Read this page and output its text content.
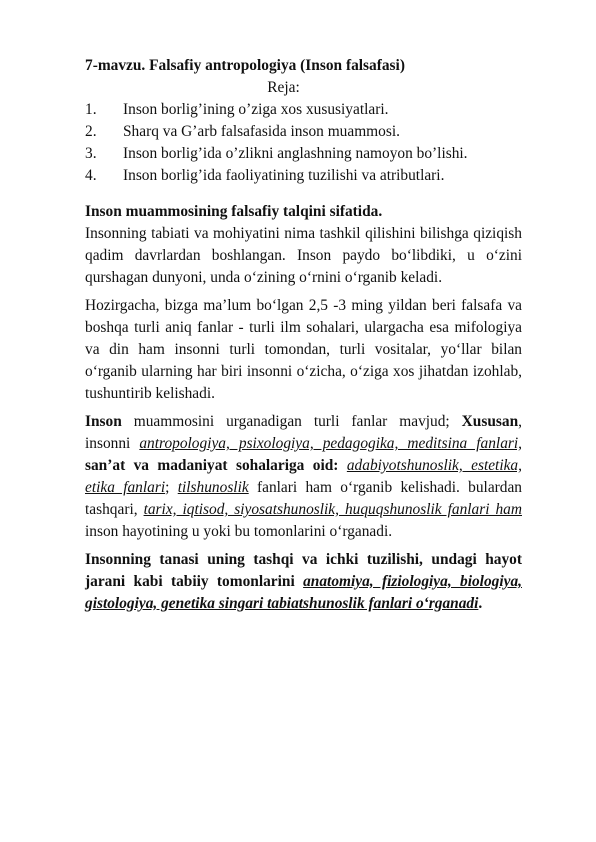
7-mavzu. Falsafiy antropologiya (Inson falsafasi)
Reja:
1.	Inson borlig’ining o’ziga xos xususiyatlari.
2.	Sharq va G’arb falsafasida inson muammosi.
3.	Inson borlig’ida o’zlikni anglashning namoyon bo’lishi.
4.	Inson borlig’ida faoliyatining tuzilishi va atributlari.
Inson muammosining falsafiy talqini sifatida.

Insonning tabiati va mohiyatini nima tashkil qilishini bilishga qiziqish qadim davrlardan boshlangan. Inson paydo bo‘libdiki, u o‘zini qurshagan dunyoni, unda o‘zining o‘rnini o‘rganib keladi.

Hozirgacha, bizga ma’lum bo‘lgan 2,5 -3 ming yildan beri falsafa va boshqa turli aniq fanlar - turli ilm sohalari, ulargacha esa mifologiya va din ham insonni turli tomondan, turli vositalar, yo‘llar bilan o‘rganib ularning har biri insonni o‘zicha, o‘ziga xos jihatdan izohlab, tushuntirib kelishadi.

Inson muammosini urganadigan turli fanlar mavjud; Xususan, insonni antropologiya, psixologiya, pedagogika, meditsina fanlari, san’at va madaniyat sohalariga oid: adabiyotshunoslik, estetika, etika fanlari; tilshunoslik fanlari ham o‘rganib kelishadi. bulardan tashqari, tarix, iqtisod, siyosatshunoslik, huquqshunoslik fanlari ham inson hayotining u yoki bu tomonlarini o‘rganadi.

Insonning tanasi uning tashqi va ichki tuzilishi, undagi hayot jarani kabi tabiiy tomonlarini anatomiya, fiziologiya, biologiya, gistologiya, genetika singari tabiatshunoslik fanlari o‘rganadi.
